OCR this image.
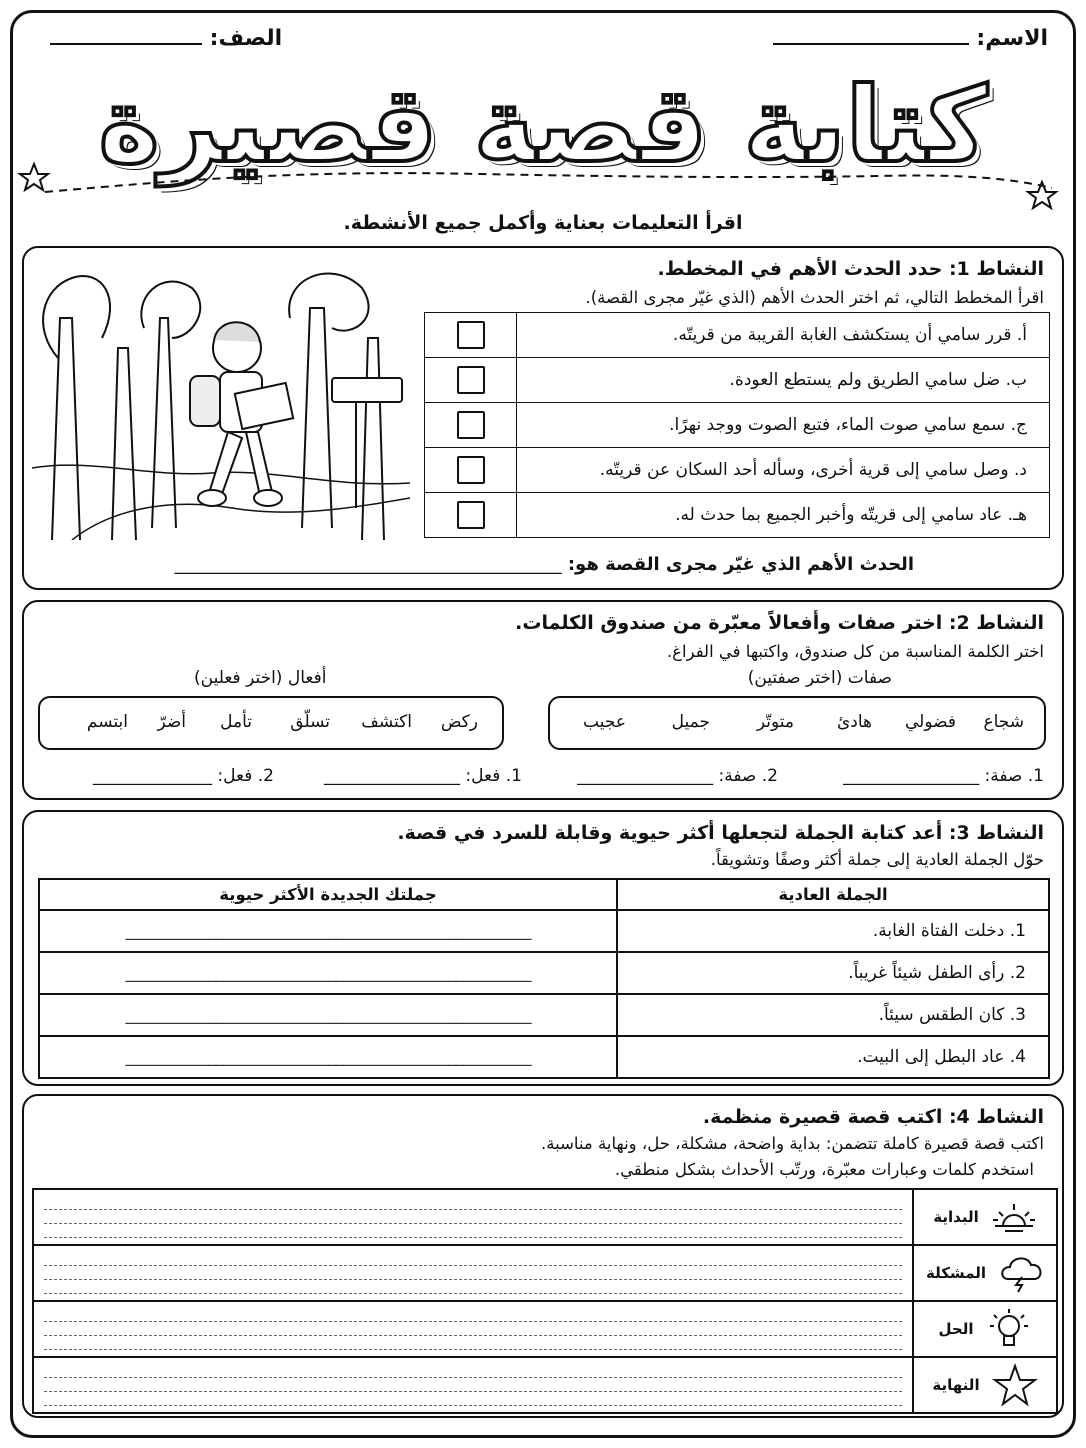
الاسم:
الصف:
كتابة قصة قصيرة
اقرأ التعليمات بعناية وأكمل جميع الأنشطة.
النشاط 1: حدد الحدث الأهم في المخطط.
اقرأ المخطط التالي، ثم اختر الحدث الأهم (الذي غيّر مجرى القصة).
أ. قرر سامي أن يستكشف الغابة القريبة من قريتّه.	
ب. ضل سامي الطريق ولم يستطع العودة.	
ج. سمع سامي صوت الماء، فتبع الصوت ووجد نهرًا.	
د. وصل سامي إلى قرية أخرى، وسأله أحد السكان عن قريتّه.	
هـ. عاد سامي إلى قريتّه وأخبر الجميع بما حدث له.	
الحدث الأهم الذي غيّر مجرى القصة هو: ___________________________________________
النشاط 2: اختر صفات وأفعالاً معبّرة من صندوق الكلمات.
اختر الكلمة المناسبة من كل صندوق، واكتبها في الفراغ.
صفات (اختر صفتين)
أفعال (اختر فعلين)
شجاع
فضولي
هادئ
متوتّر
جميل
عجيب
ركض
اكتشف
تسلّق
تأمل
أضرّ
ابتسم
1. صفة: ________________
2. صفة: ________________
1. فعل: ________________
2. فعل: ______________
النشاط 3: أعد كتابة الجملة لتجعلها أكثر حيوية وقابلة للسرد في قصة.
حوّل الجملة العادية إلى جملة أكثر وصفًا وتشويقاً.
الجملة العادية	جملتك الجديدة الأكثر حيوية
1. دخلت الفتاة الغابة.	______________________________________________________
2. رأى الطفل شيئاً غريباً.	______________________________________________________
3. كان الطقس سيئاً.	______________________________________________________
4. عاد البطل إلى البيت.	______________________________________________________
النشاط 4: اكتب قصة قصيرة منظمة.
اكتب قصة قصيرة كاملة تتضمن: بداية واضحة، مشكلة، حل، ونهاية مناسبة.
استخدم كلمات وعبارات معبّرة، ورتّب الأحداث بشكل منطقي.
البداية	

المشكلة	

الحل	

النهاية	
